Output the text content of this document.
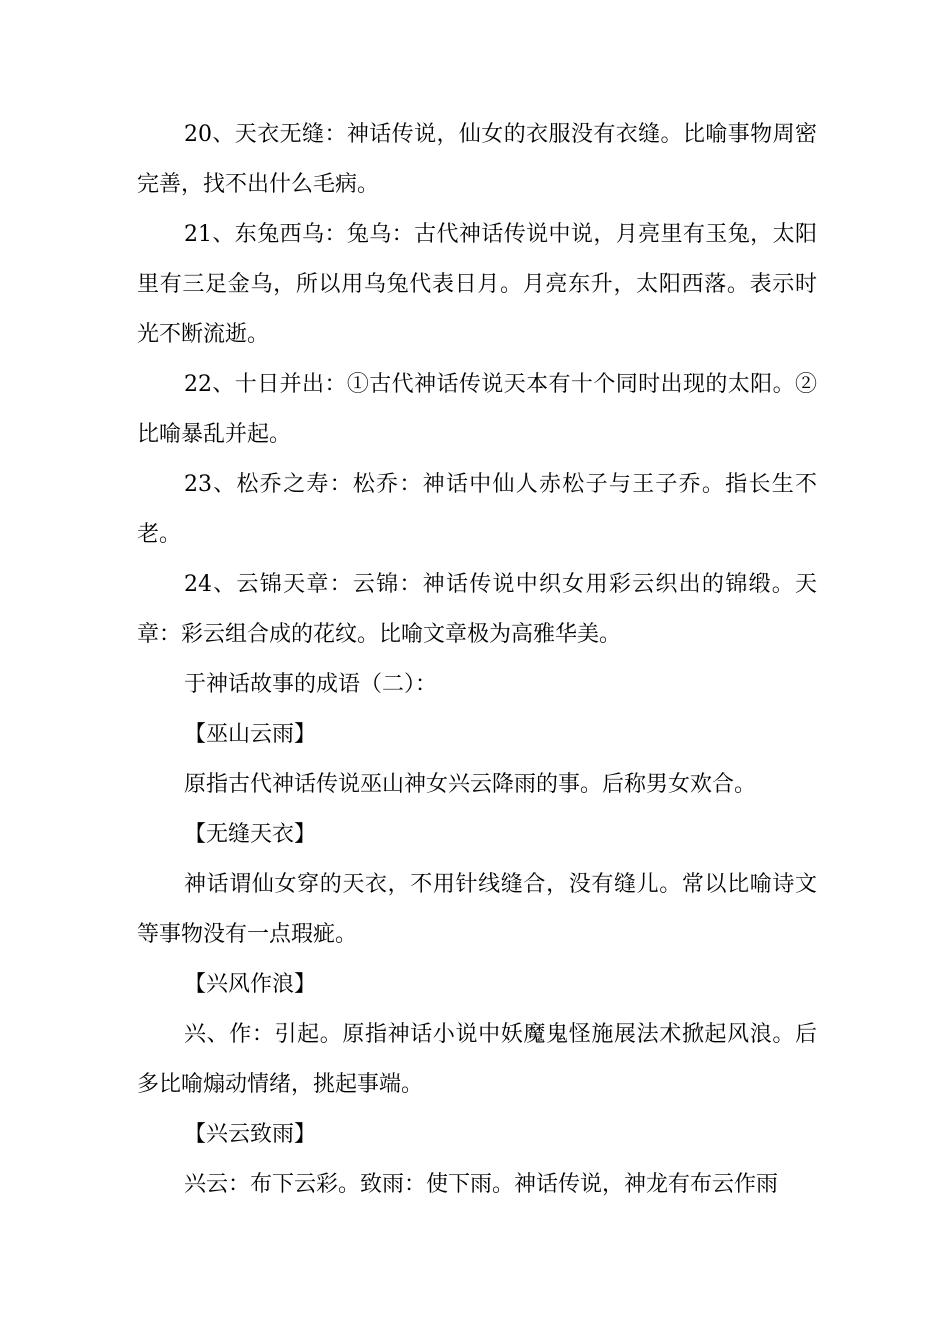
20、天衣无缝：神话传说，仙女的衣服没有衣缝。比喻事物周密完善，找不出什么毛病。

21、东兔西乌：兔乌：古代神话传说中说，月亮里有玉兔，太阳里有三足金乌，所以用乌兔代表日月。月亮东升，太阳西落。表示时光不断流逝。

22、十日并出：①古代神话传说天本有十个同时出现的太阳。② 比喻暴乱并起。

23、松乔之寿：松乔：神话中仙人赤松子与王子乔。指长生不老。

24、云锦天章：云锦：神话传说中织女用彩云织出的锦缎。天章：彩云组合成的花纹。比喻文章极为高雅华美。

于神话故事的成语（二）：

【巫山云雨】

原指古代神话传说巫山神女兴云降雨的事。后称男女欢合。

【无缝天衣】

神话谓仙女穿的天衣，不用针线缝合，没有缝儿。常以比喻诗文等事物没有一点瑕疵。

【兴风作浪】

兴、作：引起。原指神话小说中妖魔鬼怪施展法术掀起风浪。后多比喻煽动情绪，挑起事端。

【兴云致雨】

兴云：布下云彩。致雨：使下雨。神话传说，神龙有布云作雨
